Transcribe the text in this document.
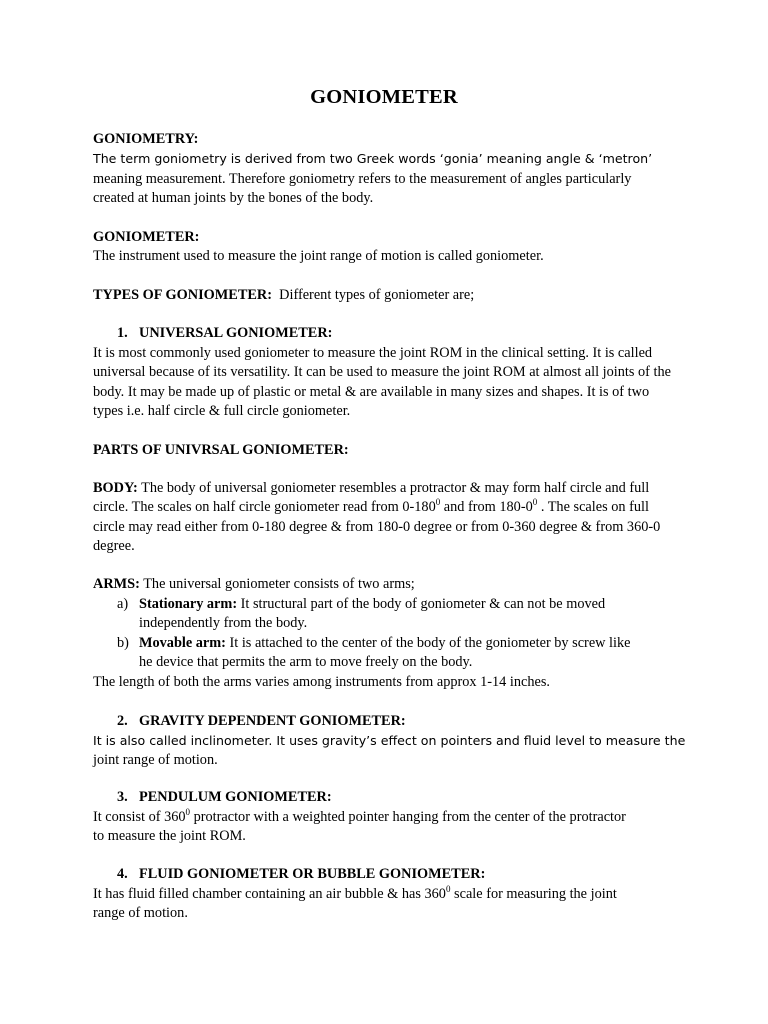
GONIOMETER

GONIOMETRY:

The term goniometry is derived from two Greek words ‘gonia’ meaning angle & ‘metron’ meaning measurement. Therefore goniometry refers to the measurement of angles particularly created at human joints by the bones of the body.

GONIOMETER:

The instrument used to measure the joint range of motion is called goniometer.

TYPES OF GONIOMETER: Different types of goniometer are;

1. UNIVERSAL GONIOMETER:

It is most commonly used goniometer to measure the joint ROM in the clinical setting. It is called universal because of its versatility. It can be used to measure the joint ROM at almost all joints of the body. It may be made up of plastic or metal & are available in many sizes and shapes. It is of two types i.e. half circle & full circle goniometer.

PARTS OF UNIVRSAL GONIOMETER:

BODY: The body of universal goniometer resembles a protractor & may form half circle and full circle. The scales on half circle goniometer read from $0-180^0$ and from $180-0^0$ . The scales on full circle may read either from 0-180 degree & from 180-0 degree or from 0-360 degree & from 360-0 degree.

ARMS: The universal goniometer consists of two arms;

a) Stationary arm: It structural part of the body of goniometer & can not be moved
independently from the body.
b) Movable arm: It is attached to the center of the body of the goniometer by screw like
he device that permits the arm to move freely on the body.

The length of both the arms varies among instruments from approx 1-14 inches.

2. GRAVITY DEPENDENT GONIOMETER:

It is also called inclinometer. It uses gravity’s effect on pointers and fluid level to measure the
joint range of motion.

3. PENDULUM GONIOMETER:

It consist of $360^0$ protractor with a weighted pointer hanging from the center of the protractor
to measure the joint ROM.

4. FLUID GONIOMETER OR BUBBLE GONIOMETER:

It has fluid filled chamber containing an air bubble & has $360^0$ scale for measuring the joint
range of motion.
